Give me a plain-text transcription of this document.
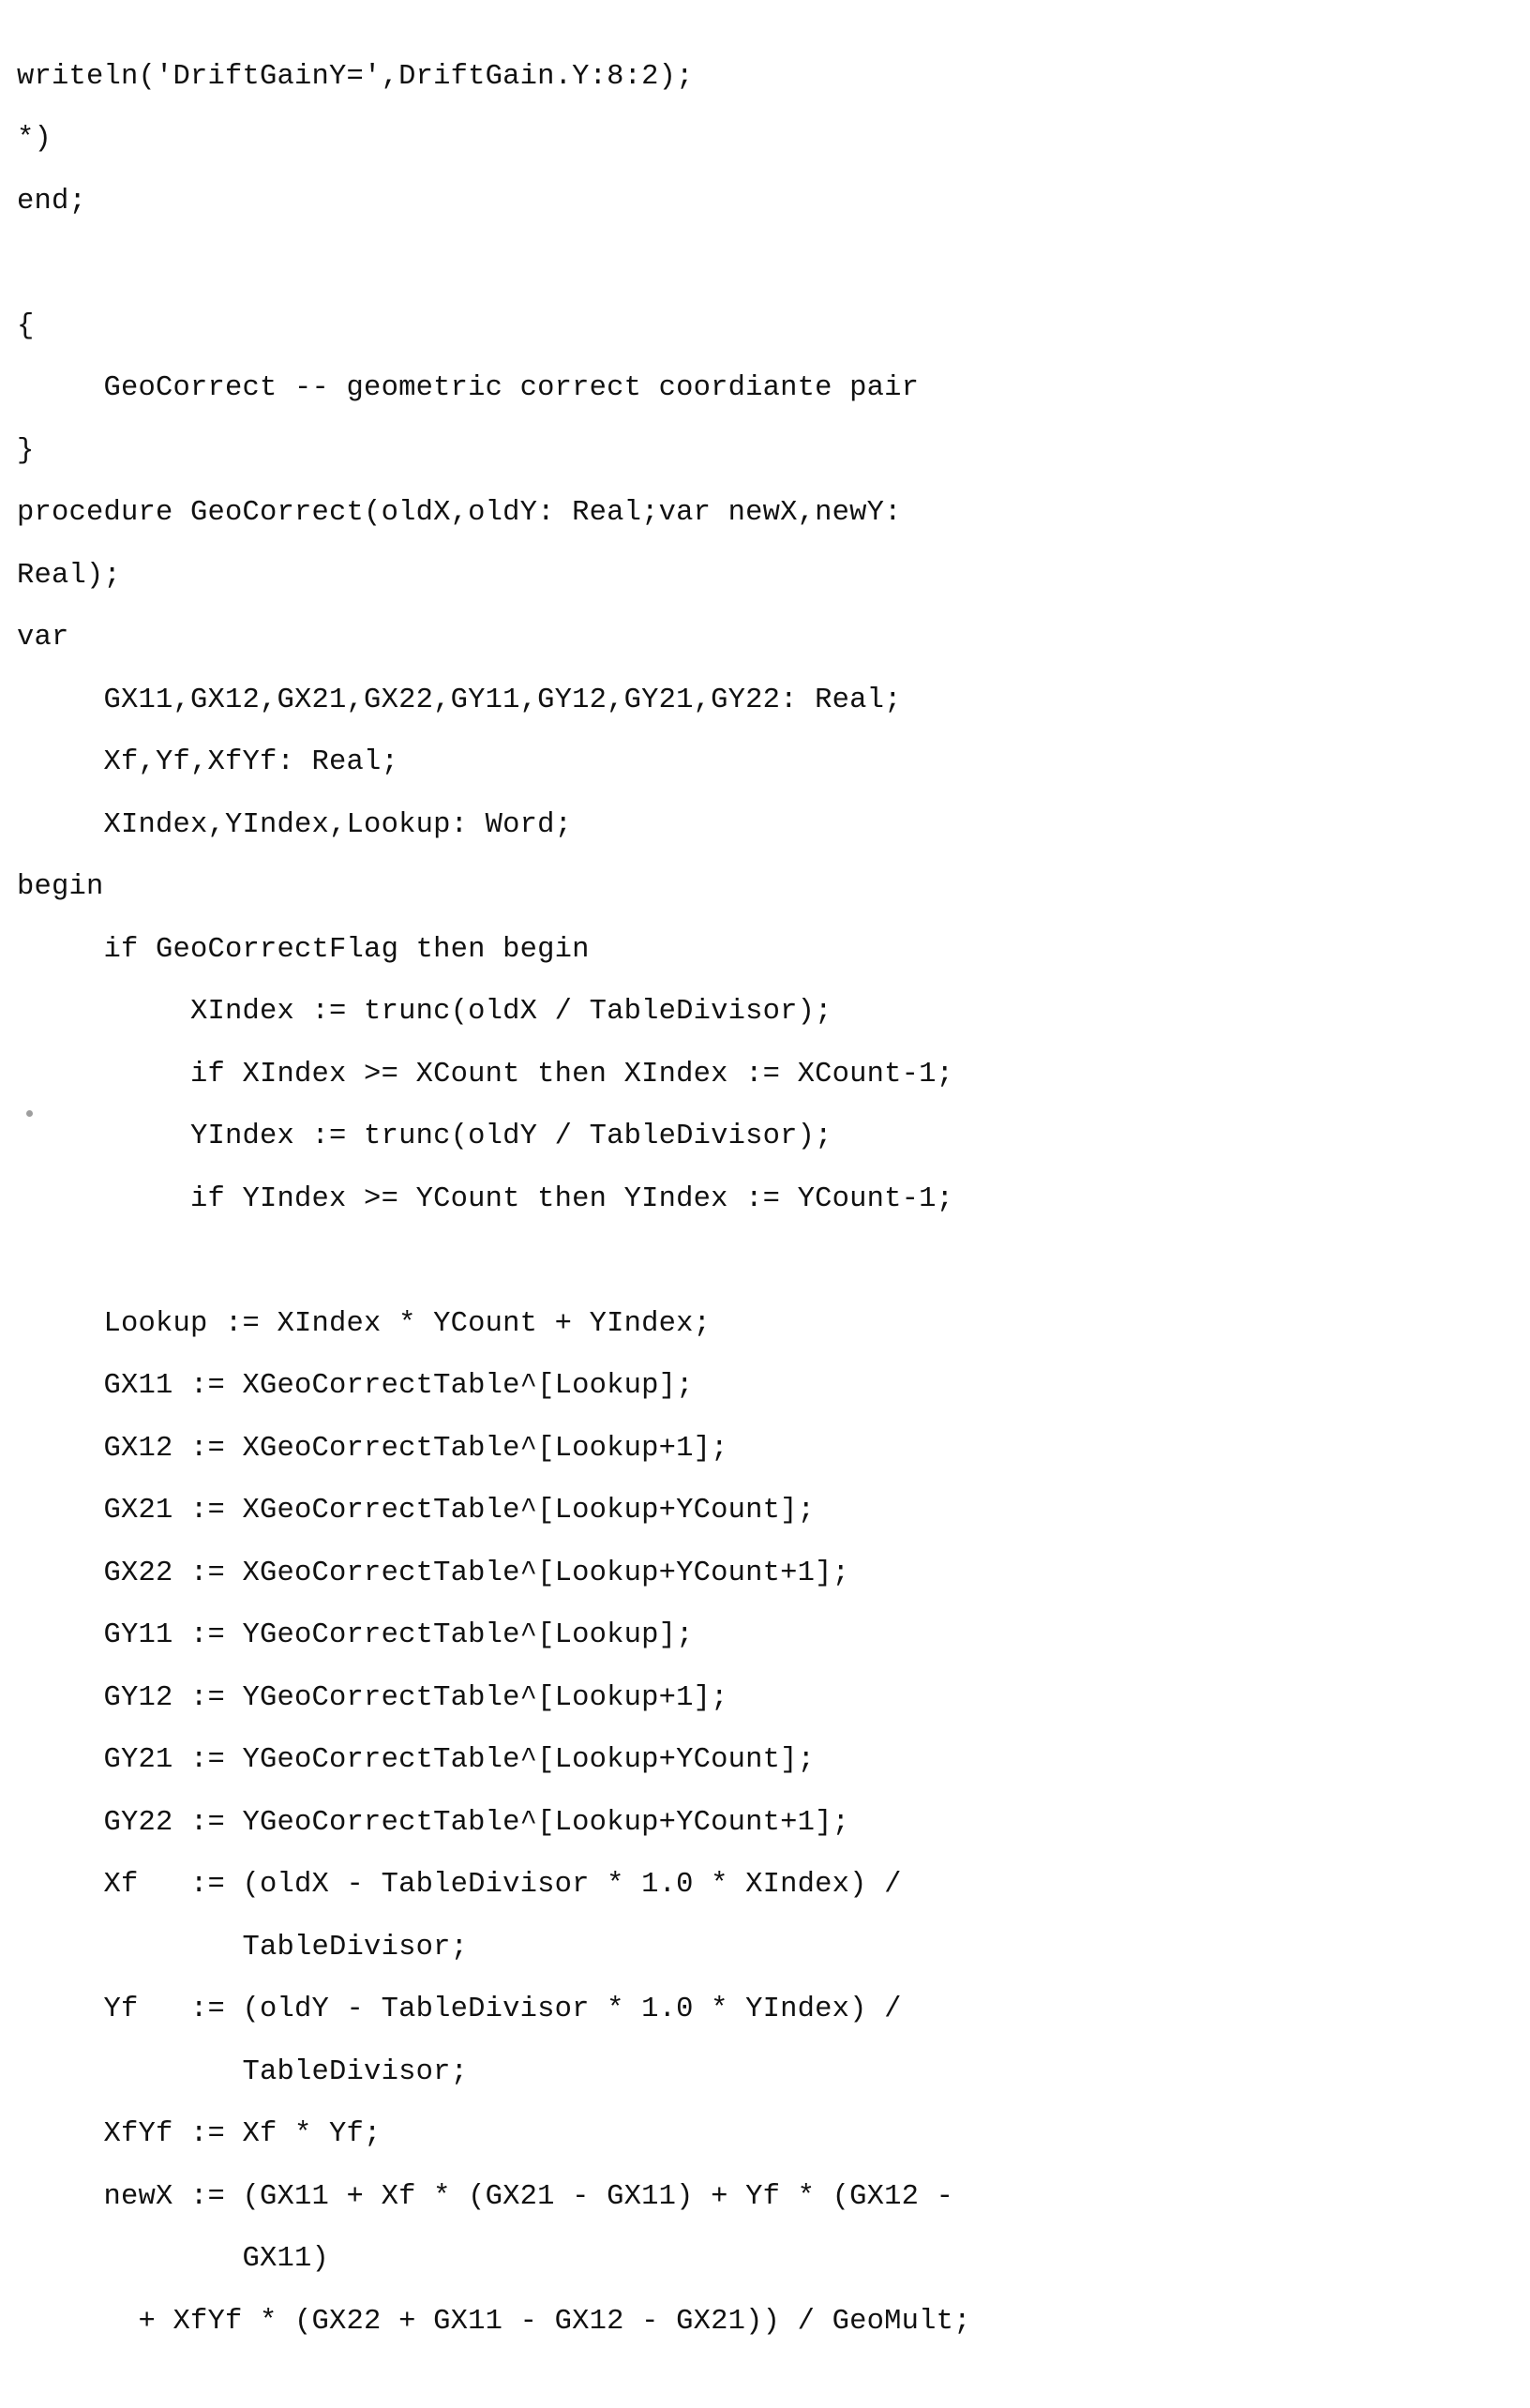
writeln('DriftGainY=',DriftGain.Y:8:2);
*)
end;
{
GeoCorrect -- geometric correct coordiante pair
}
procedure GeoCorrect(oldX,oldY: Real;var newX,newY:
Real);
var
GX11,GX12,GX21,GX22,GY11,GY12,GY21,GY22: Real;
Xf,Yf,XfYf: Real;
XIndex,YIndex,Lookup: Word;
begin
if GeoCorrectFlag then begin
XIndex := trunc(oldX / TableDivisor);
if XIndex >= XCount then XIndex := XCount-1;
YIndex := trunc(oldY / TableDivisor);
if YIndex >= YCount then YIndex := YCount-1;
Lookup := XIndex * YCount + YIndex;
GX11 := XGeoCorrectTable^[Lookup];
GX12 := XGeoCorrectTable^[Lookup+1];
GX21 := XGeoCorrectTable^[Lookup+YCount];
GX22 := XGeoCorrectTable^[Lookup+YCount+1];
GY11 := YGeoCorrectTable^[Lookup];
GY12 := YGeoCorrectTable^[Lookup+1];
GY21 := YGeoCorrectTable^[Lookup+YCount];
GY22 := YGeoCorrectTable^[Lookup+YCount+1];
Xf   := (oldX - TableDivisor * 1.0 * XIndex) /
TableDivisor;
Yf   := (oldY - TableDivisor * 1.0 * YIndex) /
TableDivisor;
XfYf := Xf * Yf;
newX := (GX11 + Xf * (GX21 - GX11) + Yf * (GX12 -
GX11)
+ XfYf * (GX22 + GX11 - GX12 - GX21)) / GeoMult;
